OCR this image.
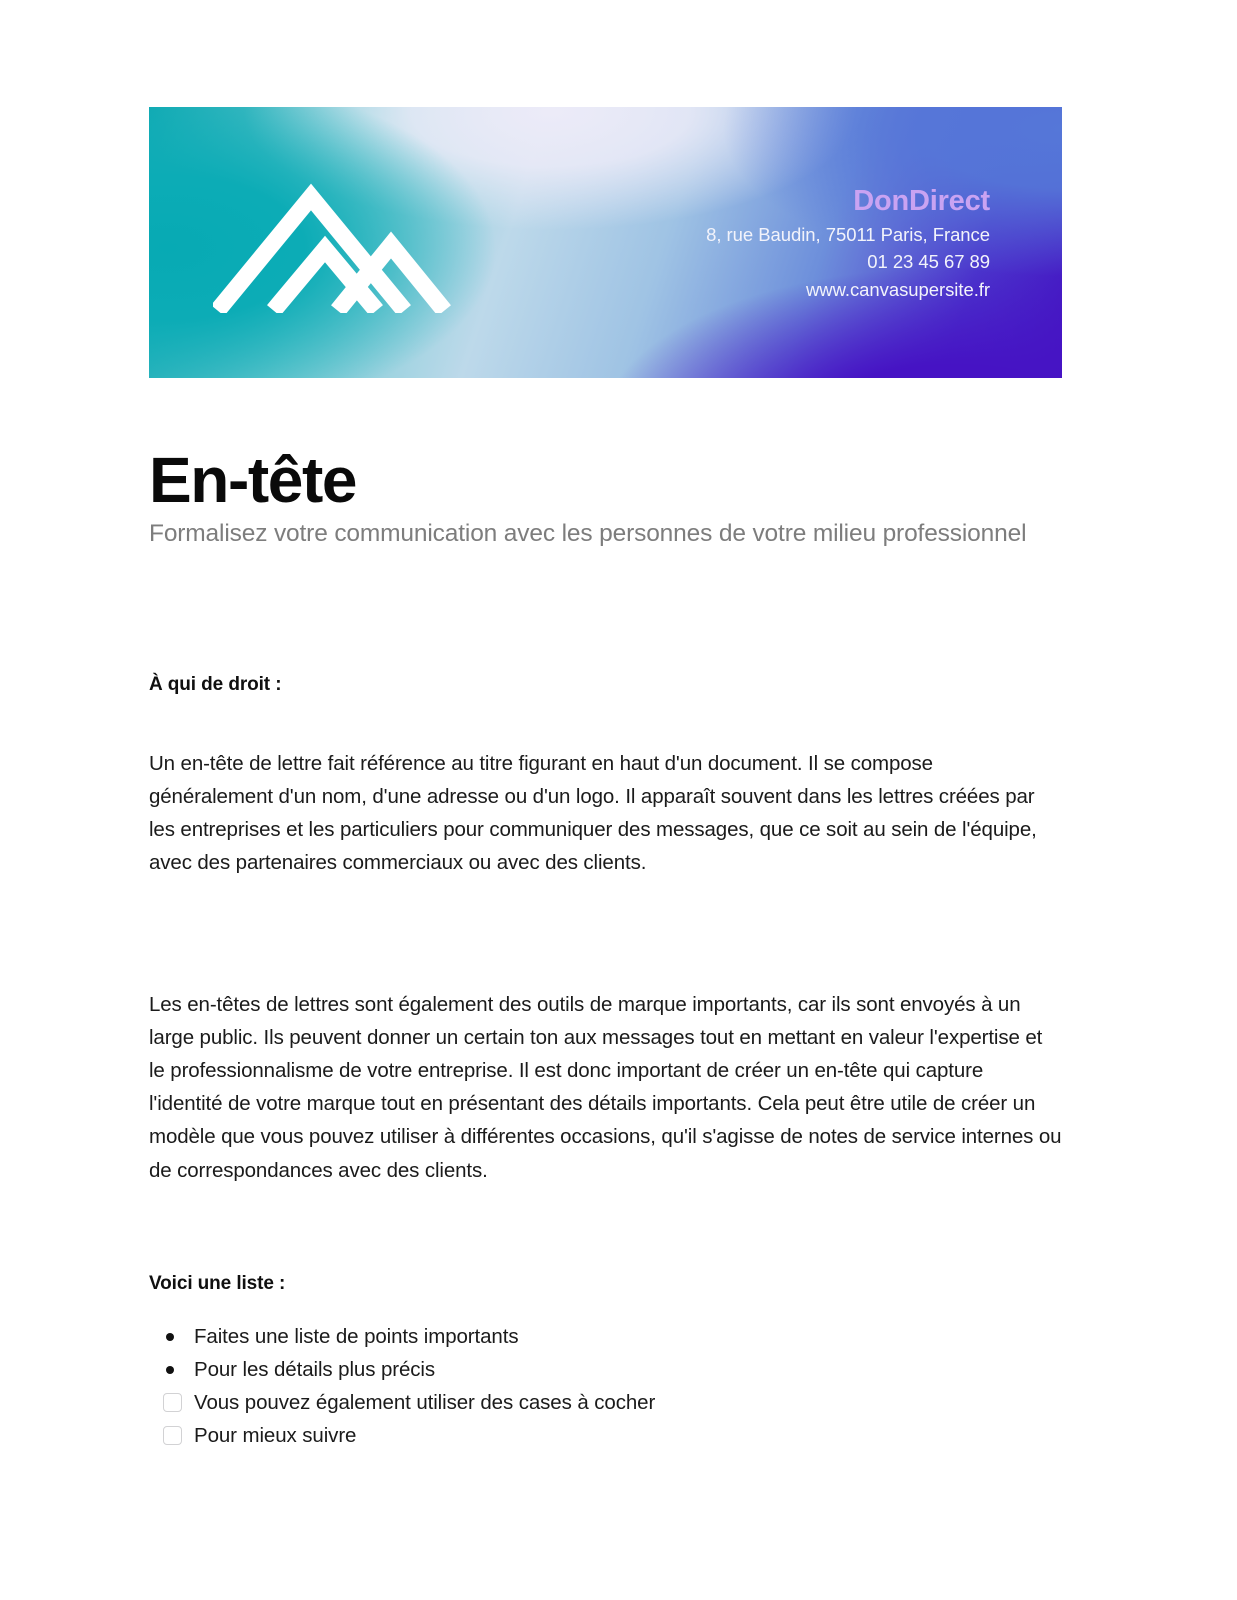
DonDirect
8, rue Baudin, 75011 Paris, France
01 23 45 67 89
www.canvasupersite.fr
En-tête
Formalisez votre communication avec les personnes de votre milieu professionnel
À qui de droit :

Un en-tête de lettre fait référence au titre figurant en haut d'un document. Il se compose généralement d'un nom, d'une adresse ou d'un logo. Il apparaît souvent dans les lettres créées par les entreprises et les particuliers pour communiquer des messages, que ce soit au sein de l'équipe, avec des partenaires commerciaux ou avec des clients.

Les en-têtes de lettres sont également des outils de marque importants, car ils sont envoyés à un large public. Ils peuvent donner un certain ton aux messages tout en mettant en valeur l'expertise et le professionnalisme de votre entreprise. Il est donc important de créer un en-tête qui capture l'identité de votre marque tout en présentant des détails importants. Cela peut être utile de créer un modèle que vous pouvez utiliser à différentes occasions, qu'il s'agisse de notes de service internes ou de correspondances avec des clients.

Voici une liste :
Faites une liste de points importants
Pour les détails plus précis
Vous pouvez également utiliser des cases à cocher
Pour mieux suivre
